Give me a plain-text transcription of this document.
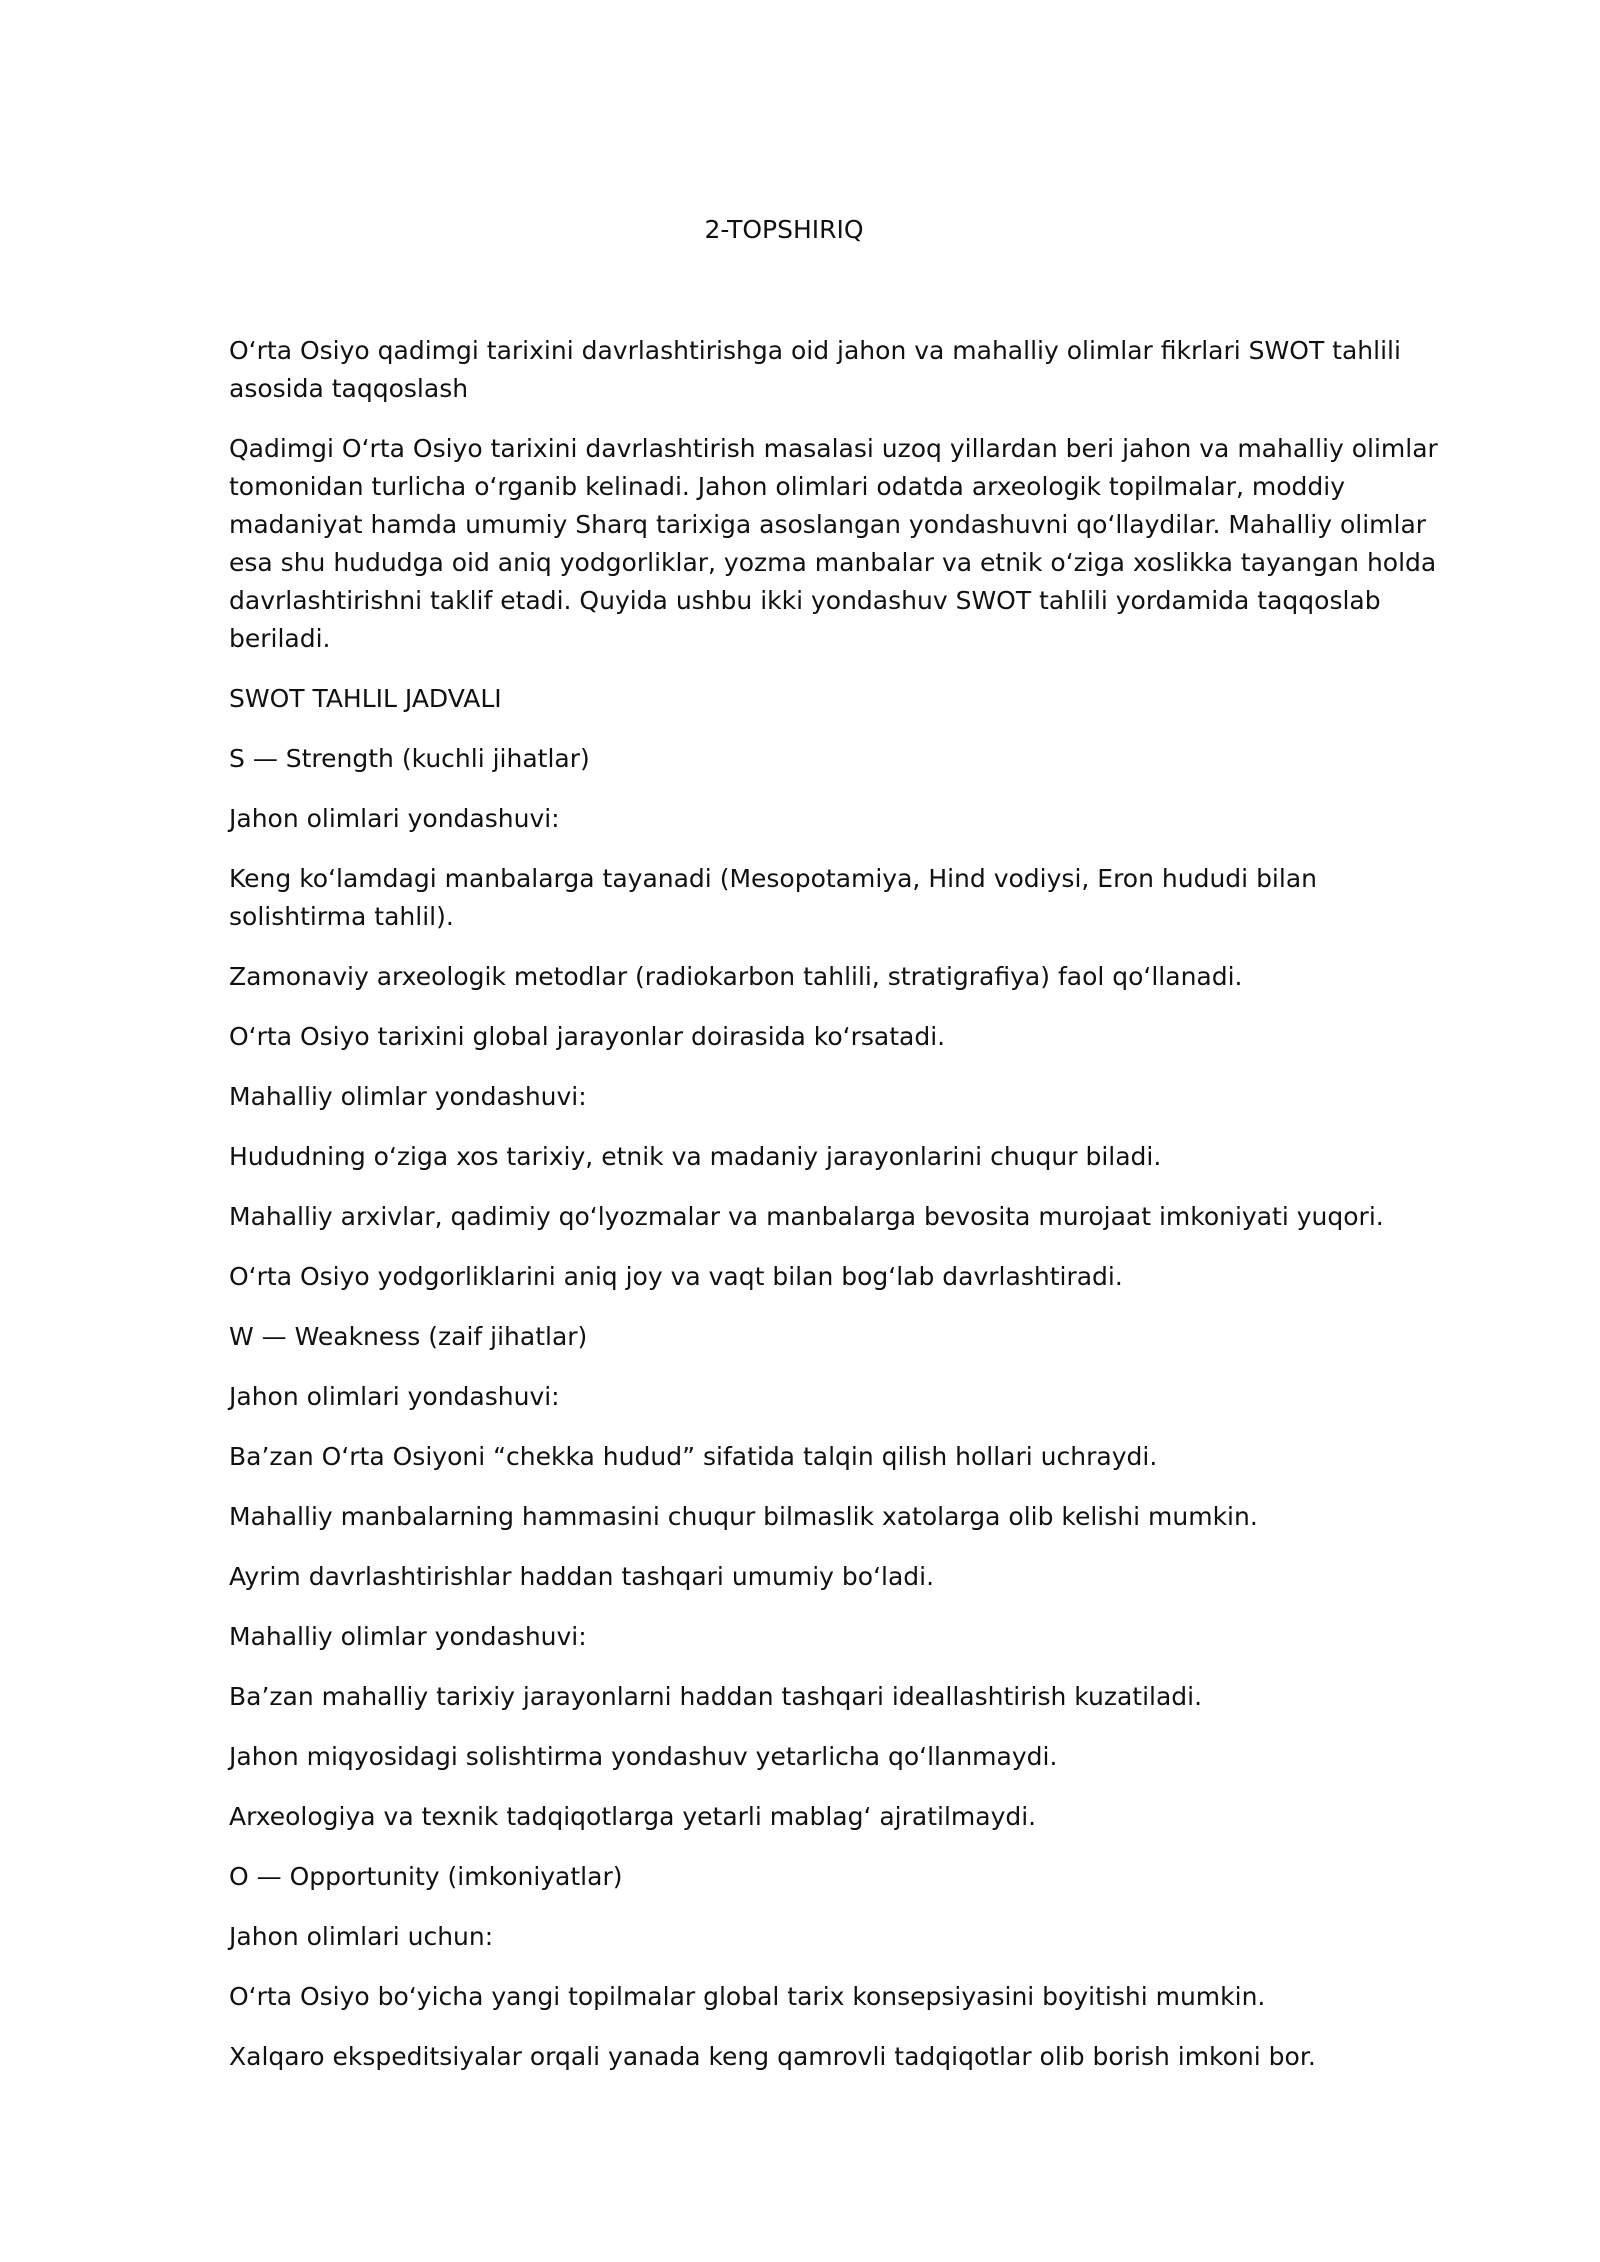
2-TOPSHIRIQ

O‘rta Osiyo qadimgi tarixini davrlashtirishga oid jahon va mahalliy olimlar fikrlari SWOT tahlili asosida taqqoslash

Qadimgi O‘rta Osiyo tarixini davrlashtirish masalasi uzoq yillardan beri jahon va mahalliy olimlar tomonidan turlicha o‘rganib kelinadi. Jahon olimlari odatda arxeologik topilmalar, moddiy madaniyat hamda umumiy Sharq tarixiga asoslangan yondashuvni qo‘llaydilar. Mahalliy olimlar esa shu hududga oid aniq yodgorliklar, yozma manbalar va etnik o‘ziga xoslikka tayangan holda davrlashtirishni taklif etadi. Quyida ushbu ikki yondashuv SWOT tahlili yordamida taqqoslab beriladi.

SWOT TAHLIL JADVALI

S — Strength (kuchli jihatlar)

Jahon olimlari yondashuvi:

Keng ko‘lamdagi manbalarga tayanadi (Mesopotamiya, Hind vodiysi, Eron hududi bilan solishtirma tahlil).

Zamonaviy arxeologik metodlar (radiokarbon tahlili, stratigrafiya) faol qo‘llanadi.

O‘rta Osiyo tarixini global jarayonlar doirasida ko‘rsatadi.

Mahalliy olimlar yondashuvi:

Hududning o‘ziga xos tarixiy, etnik va madaniy jarayonlarini chuqur biladi.

Mahalliy arxivlar, qadimiy qo‘lyozmalar va manbalarga bevosita murojaat imkoniyati yuqori.

O‘rta Osiyo yodgorliklarini aniq joy va vaqt bilan bog‘lab davrlashtiradi.

W — Weakness (zaif jihatlar)

Jahon olimlari yondashuvi:

Ba’zan O‘rta Osiyoni “chekka hudud” sifatida talqin qilish hollari uchraydi.

Mahalliy manbalarning hammasini chuqur bilmaslik xatolarga olib kelishi mumkin.

Ayrim davrlashtirishlar haddan tashqari umumiy bo‘ladi.

Mahalliy olimlar yondashuvi:

Ba’zan mahalliy tarixiy jarayonlarni haddan tashqari ideallashtirish kuzatiladi.

Jahon miqyosidagi solishtirma yondashuv yetarlicha qo‘llanmaydi.

Arxeologiya va texnik tadqiqotlarga yetarli mablag‘ ajratilmaydi.

O — Opportunity (imkoniyatlar)

Jahon olimlari uchun:

O‘rta Osiyo bo‘yicha yangi topilmalar global tarix konsepsiyasini boyitishi mumkin.

Xalqaro ekspeditsiyalar orqali yanada keng qamrovli tadqiqotlar olib borish imkoni bor.
